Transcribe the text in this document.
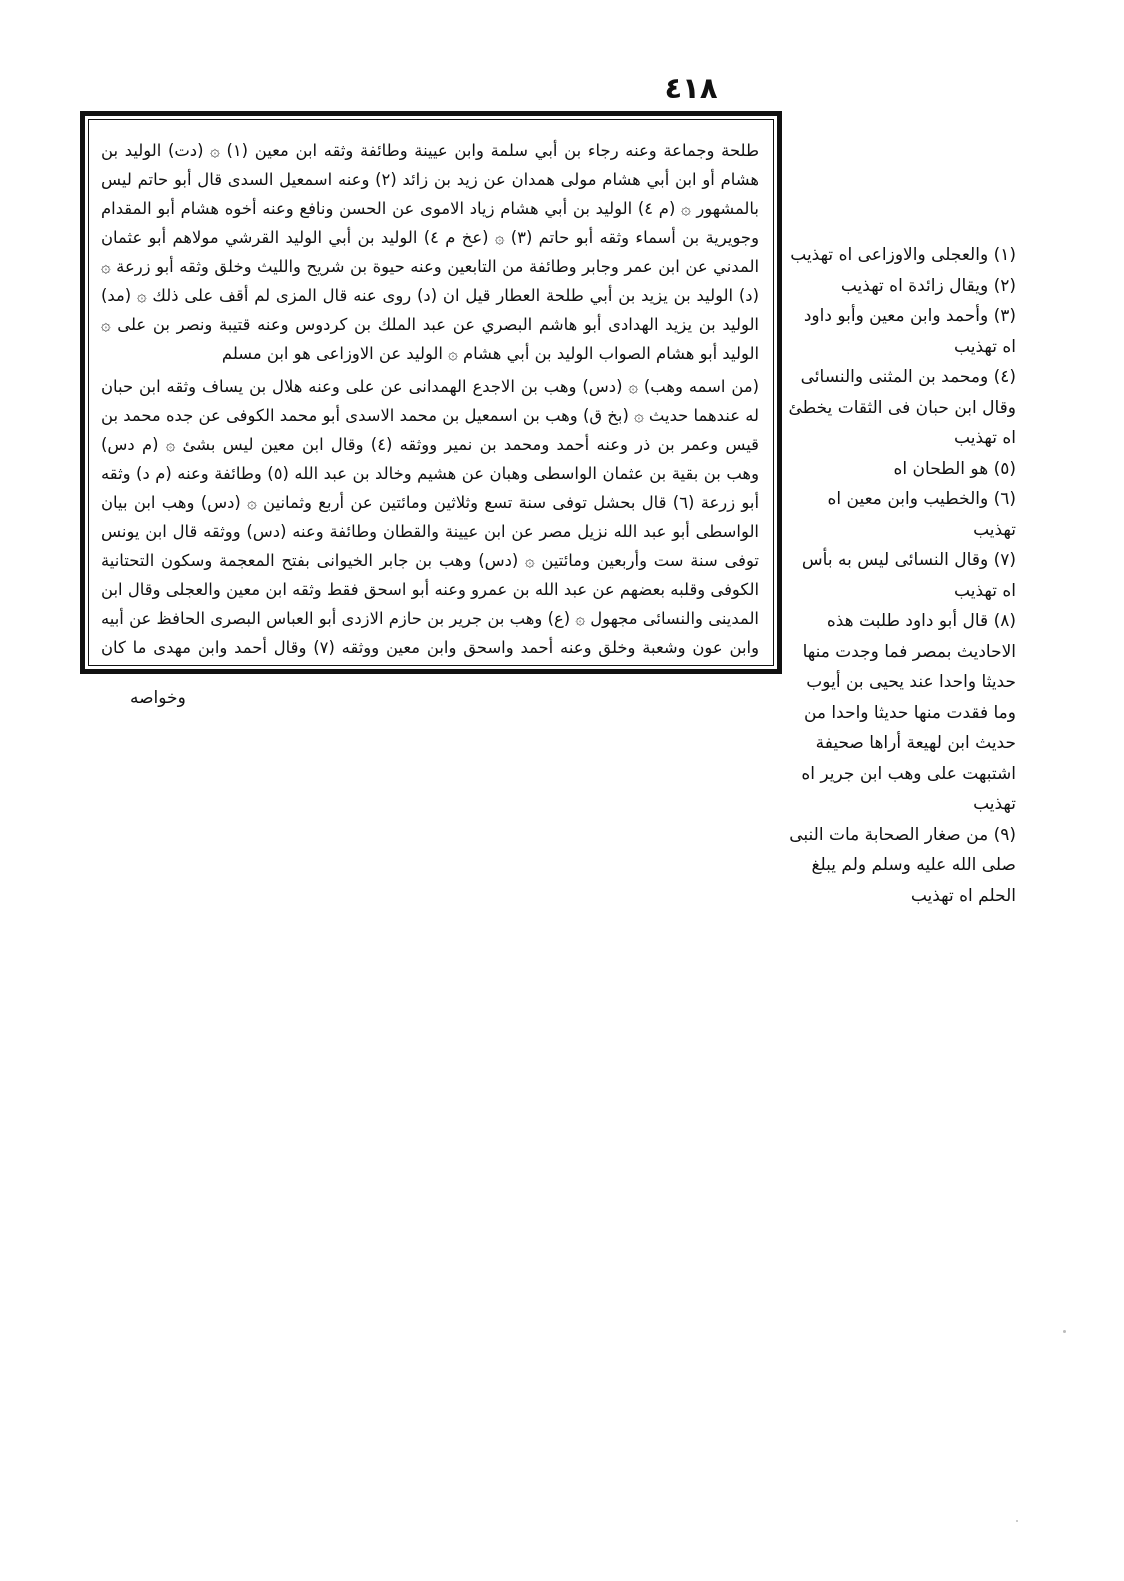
٤١٨

طلحة وجماعة وعنه رجاء بن أبي سلمة وابن عيينة وطائفة وثقه ابن معين (١) ۞ (دت) الوليد بن هشام أو ابن أبي هشام مولى همدان عن زيد بن زائد (٢) وعنه اسمعيل السدى قال أبو حاتم ليس بالمشهور ۞ (م ٤) الوليد بن أبي هشام زياد الاموى عن الحسن ونافع وعنه أخوه هشام أبو المقدام وجويرية بن أسماء وثقه أبو حاتم (٣) ۞ (عخ م ٤) الوليد بن أبي الوليد القرشي مولاهم أبو عثمان المدني عن ابن عمر وجابر وطائفة من التابعين وعنه حيوة بن شريح والليث وخلق وثقه أبو زرعة ۞ (د) الوليد بن يزيد بن أبي طلحة العطار قيل ان (د) روى عنه قال المزى لم أقف على ذلك ۞ (مد) الوليد بن يزيد الهدادى أبو هاشم البصري عن عبد الملك بن كردوس وعنه قتيبة ونصر بن على ۞ الوليد أبو هشام الصواب الوليد بن أبي هشام ۞ الوليد عن الاوزاعى هو ابن مسلم

(من اسمه وهب) ۞ (دس) وهب بن الاجدع الهمدانى عن على وعنه هلال بن يساف وثقه ابن حبان له عندهما حديث ۞ (بخ ق) وهب بن اسمعيل بن محمد الاسدى أبو محمد الكوفى عن جده محمد بن قيس وعمر بن ذر وعنه أحمد ومحمد بن نمير ووثقه (٤) وقال ابن معين ليس بشئ ۞ (م دس) وهب بن بقية بن عثمان الواسطى وهبان عن هشيم وخالد بن عبد الله (٥) وطائفة وعنه (م د) وثقه أبو زرعة (٦) قال بحشل توفى سنة تسع وثلاثين ومائتين عن أربع وثمانين ۞ (دس) وهب ابن بيان الواسطى أبو عبد الله نزيل مصر عن ابن عيينة والقطان وطائفة وعنه (دس) ووثقه قال ابن يونس توفى سنة ست وأربعين ومائتين ۞ (دس) وهب بن جابر الخيوانى بفتح المعجمة وسكون التحتانية الكوفى وقلبه بعضهم عن عبد الله بن عمرو وعنه أبو اسحق فقط وثقه ابن معين والعجلى وقال ابن المدينى والنسائى مجهول ۞ (ع) وهب بن جرير بن حازم الازدى أبو العباس البصرى الحافظ عن أبيه وابن عون وشعبة وخلق وعنه أحمد واسحق وابن معين ووثقه (٧) وقال أحمد وابن مهدى ما كان

(١) والعجلى والاوزاعى اه تهذيب

(٢) ويقال زائدة اه تهذيب

(٣) وأحمد وابن معين وأبو داود اه تهذيب

(٤) ومحمد بن المثنى والنسائى وقال ابن حبان فى الثقات يخطئ اه تهذيب

(٥) هو الطحان اه

(٦) والخطيب وابن معين اه تهذيب

(٧) وقال النسائى ليس به بأس اه تهذيب

(٨) قال أبو داود طلبت هذه الاحاديث بمصر فما وجدت منها حديثا واحدا عند يحيى بن أيوب وما فقدت منها حديثا واحدا من حديث ابن لهيعة أراها صحيفة اشتبهت على وهب ابن جرير اه تهذيب

(٩) من صغار الصحابة مات النبى صلى الله عليه وسلم ولم يبلغ الحلم اه تهذيب

وخواصه
